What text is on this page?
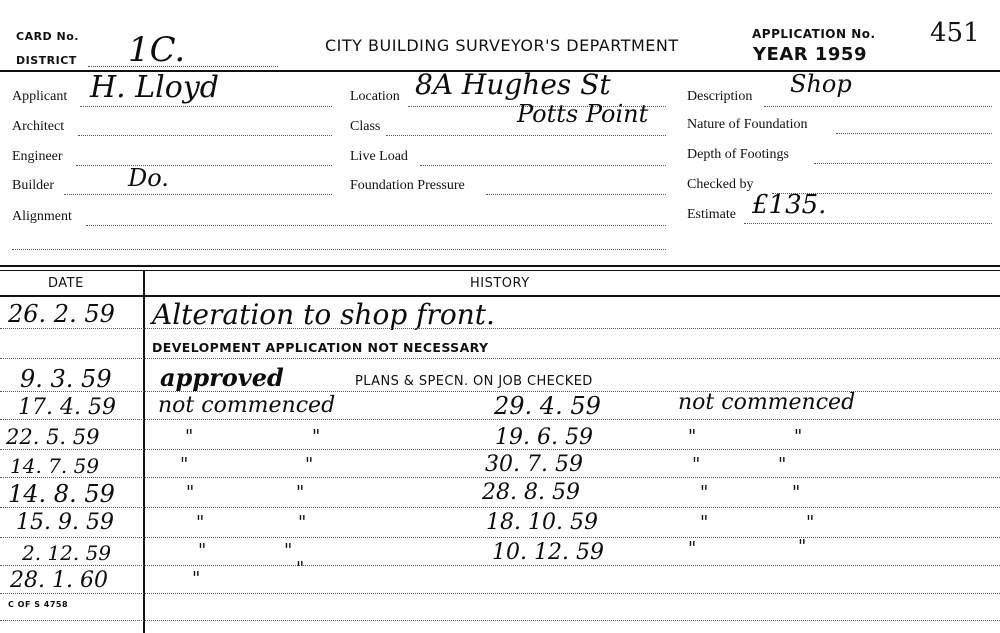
CARD No.
DISTRICT 1C.	CITY BUILDING SURVEYOR'S DEPARTMENT
APPLICATION No.
YEAR 1959
451
Applicant H. Lloyd
Architect
Engineer
Builder	Do.
Alignment
Location 8A Hughes St
Potts Point
Class
Live Load
Foundation Pressure
Description Shop
Nature of Foundation
Depth of Footings
Checked by
Estimate £135.
DATE	HISTORY
26. 2. 59 Alteration to shop front.
DEVELOPMENT APPLICATION NOT NECESSARY
9. 3. 59 approved	PLANS & SPECN. ON JOB CHECKED
17. 4. 59 not commenced	29. 4. 59	not commenced
22. 5. 59	"	"	19. 6. 59	"	"
14. 7. 59	"	"	30. 7. 59	"	"
14. 8. 59	"	"	28. 8. 59	"	"
15. 9. 59	"	"	18. 10. 59	"	"
2. 12. 59	"	"	10. 12. 59	"	"
28. 1. 60	"	"
C OF S 4758
